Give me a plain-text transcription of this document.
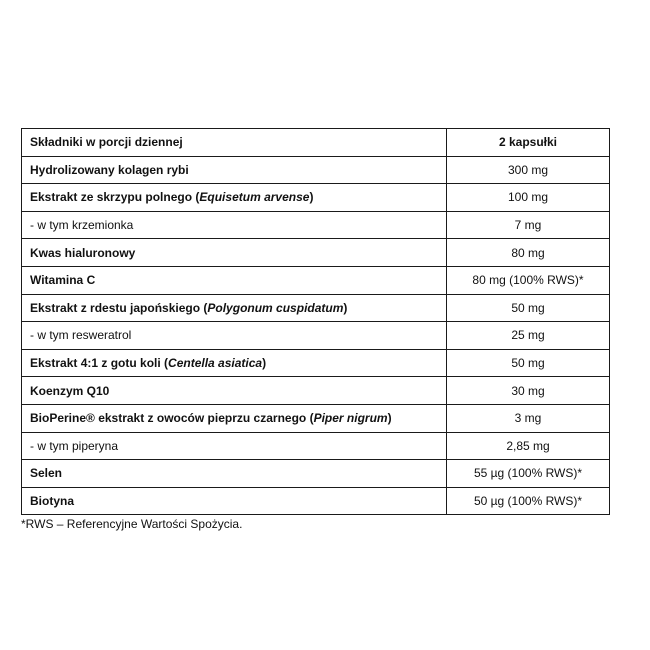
Składniki w porcji dziennej	2 kapsułki
Hydrolizowany kolagen rybi	300 mg
Ekstrakt ze skrzypu polnego (Equisetum arvense)	100 mg
- w tym krzemionka	7 mg
Kwas hialuronowy	80 mg
Witamina C	80 mg (100% RWS)*
Ekstrakt z rdestu japońskiego (Polygonum cuspidatum)	50 mg
- w tym resweratrol	25 mg
Ekstrakt 4:1 z gotu koli (Centella asiatica)	50 mg
Koenzym Q10	30 mg
BioPerine® ekstrakt z owoców pieprzu czarnego (Piper nigrum)	3 mg
- w tym piperyna	2,85 mg
Selen	55 µg (100% RWS)*
Biotyna	50 µg (100% RWS)*
*RWS – Referencyjne Wartości Spożycia.
